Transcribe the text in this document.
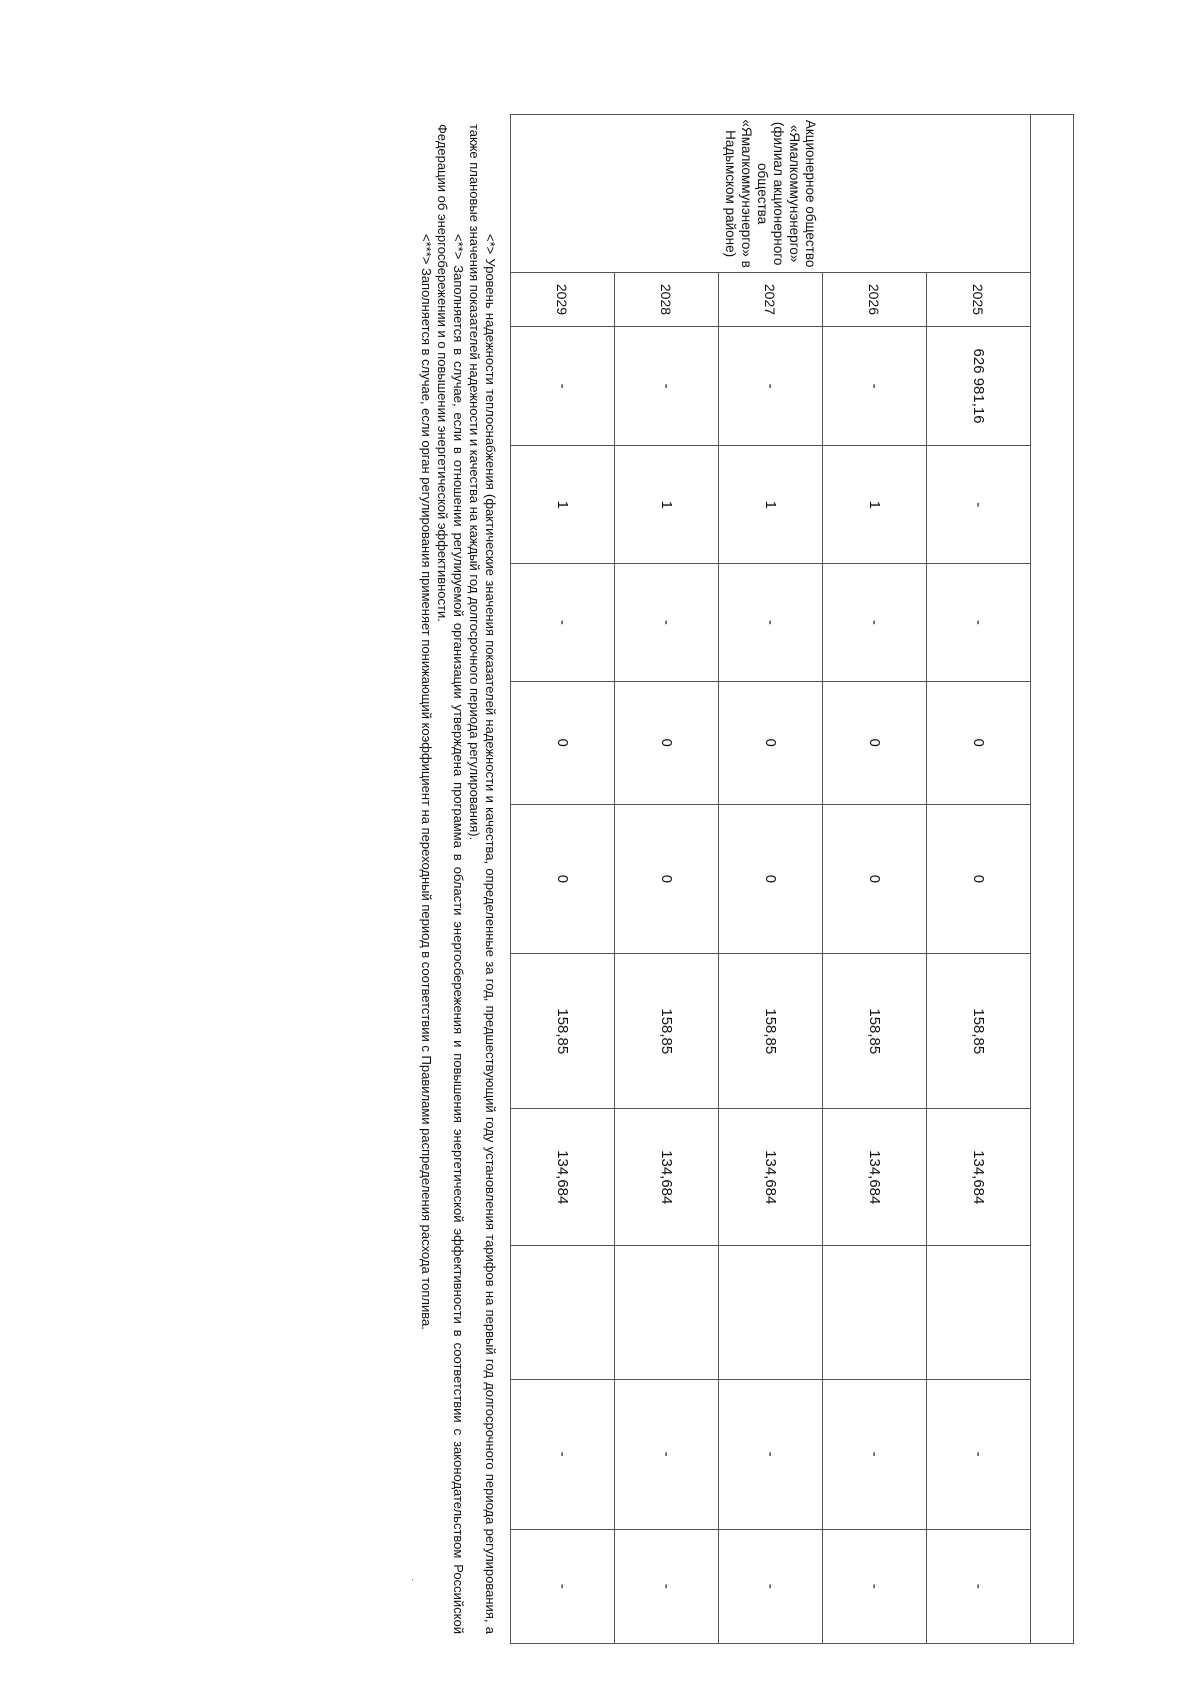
Акционерное общество «Ямалкоммунэнерго» (филиал акционерного общества «Ямалкоммунэнерго» в Надымском районе)	2025	626 981,16	-	-	0	0	158,85	134,684		-	-
	2026	-	1	-	0	0	158,85	134,684		-	-
	2027	-	1	-	0	0	158,85	134,684		-	-
	2028	-	1	-	0	0	158,85	134,684		-	-
	2029	-	1	-	0	0	158,85	134,684		-	-

<*> Уровень надежности теплоснабжения (фактические значения показателей надежности и качества, определенные за год, предшествующий году установления тарифов на первый год долгосрочного периода регулирования, а также плановые значения показателей надежности и качества на каждый год долгосрочного периода регулирования).

<**> Заполняется в случае, если в отношении регулируемой организации утверждена программа в области энергосбережения и повышения энергетической эффективности в соответствии с законодательством Российской Федерации об энергосбережении и о повышении энергетической эффективности.

<***> Заполняется в случае, если орган регулирования применяет понижающий коэффициент на переходный период в соответствии с Правилами распределения расхода топлива.

·
